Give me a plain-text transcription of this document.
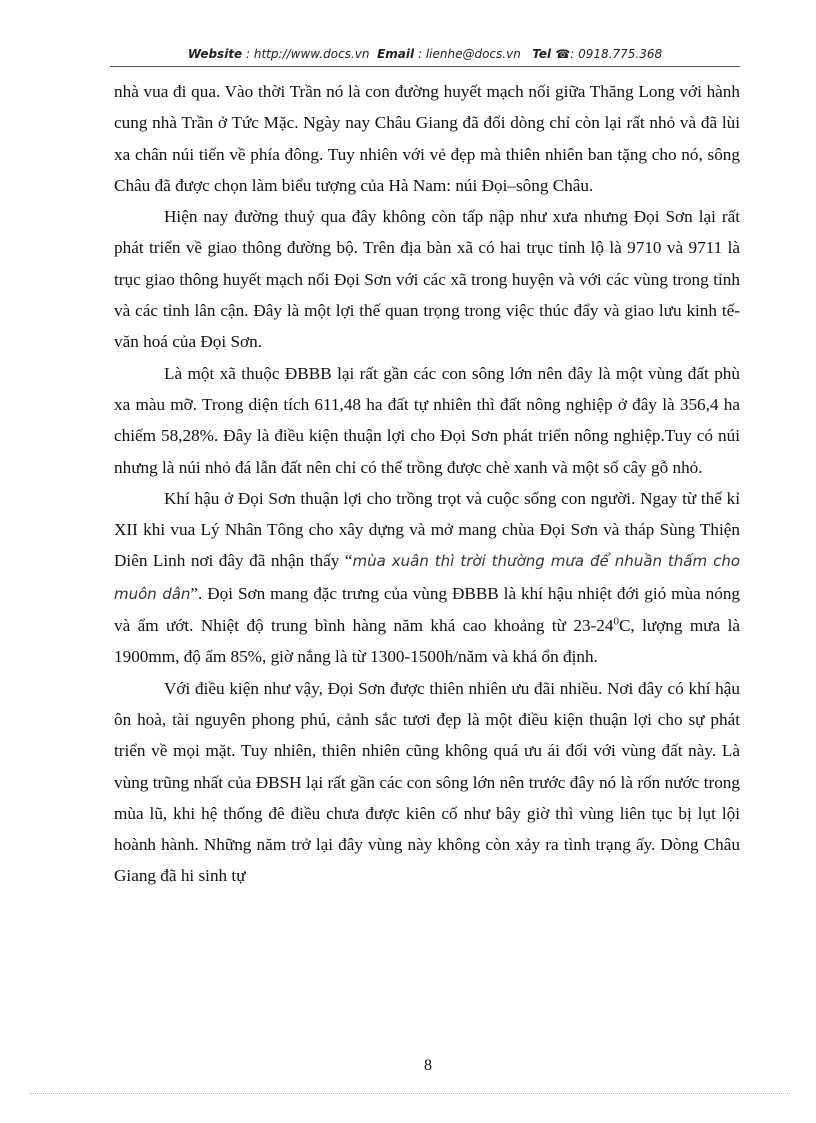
Website : http://www.docs.vn Email : lienhe@docs.vn Tel ☎: 0918.775.368

nhà vua đi qua. Vào thời Trần nó là con đường huyết mạch nối giữa Thăng Long với hành cung nhà Trần ở Tức Mặc. Ngày nay Châu Giang đã đổi dòng chỉ còn lại rất nhỏ và đã lùi xa chân núi tiến về phía đông. Tuy nhiên với vẻ đẹp mà thiên nhiên ban tặng cho nó, sông Châu đã được chọn làm biểu tượng của Hà Nam: núi Đọi–sông Châu.

Hiện nay đường thuỷ qua đây không còn tấp nập như xưa nhưng Đọi Sơn lại rất phát triển về giao thông đường bộ. Trên địa bàn xã có hai trục tỉnh lộ là 9710 và 9711 là trục giao thông huyết mạch nối Đọi Sơn với các xã trong huyện và với các vùng trong tỉnh và các tỉnh lân cận. Đây là một lợi thế quan trọng trong việc thúc đẩy và giao lưu kinh tế-văn hoá của Đọi Sơn.

Là một xã thuộc ĐBBB lại rất gần các con sông lớn nên đây là một vùng đất phù xa màu mỡ. Trong diện tích 611,48 ha đất tự nhiên thì đất nông nghiệp ở đây là 356,4 ha chiếm 58,28%. Đây là điều kiện thuận lợi cho Đọi Sơn phát triển nông nghiệp.Tuy có núi nhưng là núi nhỏ đá lẫn đất nên chỉ có thể trồng được chè xanh và một số cây gỗ nhỏ.

Khí hậu ở Đọi Sơn thuận lợi cho trồng trọt và cuộc sống con người. Ngay từ thế kỉ XII khi vua Lý Nhân Tông cho xây dựng và mở mang chùa Đọi Sơn và tháp Sùng Thiện Diên Linh nơi đây đã nhận thấy “mùa xuân thì trời thường mưa để nhuần thấm cho muôn dân”. Đọi Sơn mang đặc trưng của vùng ĐBBB là khí hậu nhiệt đới gió mùa nóng và ẩm ướt. Nhiệt độ trung bình hàng năm khá cao khoảng từ $23-24^0C$, lượng mưa là 1900mm, độ ẩm 85%, giờ nắng là từ 1300-1500h/năm và khá ổn định.

Với điều kiện như vậy, Đọi Sơn được thiên nhiên ưu đãi nhiều. Nơi đây có khí hậu ôn hoà, tài nguyên phong phú, cảnh sắc tươi đẹp là một điều kiện thuận lợi cho sự phát triển về mọi mặt. Tuy nhiên, thiên nhiên cũng không quá ưu ái đối với vùng đất này. Là vùng trũng nhất của ĐBSH lại rất gần các con sông lớn nên trước đây nó là rốn nước trong mùa lũ, khi hệ thống đê điều chưa được kiên cố như bây giờ thì vùng liên tục bị lụt lội hoành hành. Những năm trở lại đây vùng này không còn xảy ra tình trạng ấy. Dòng Châu Giang đã hi sinh tự

8
